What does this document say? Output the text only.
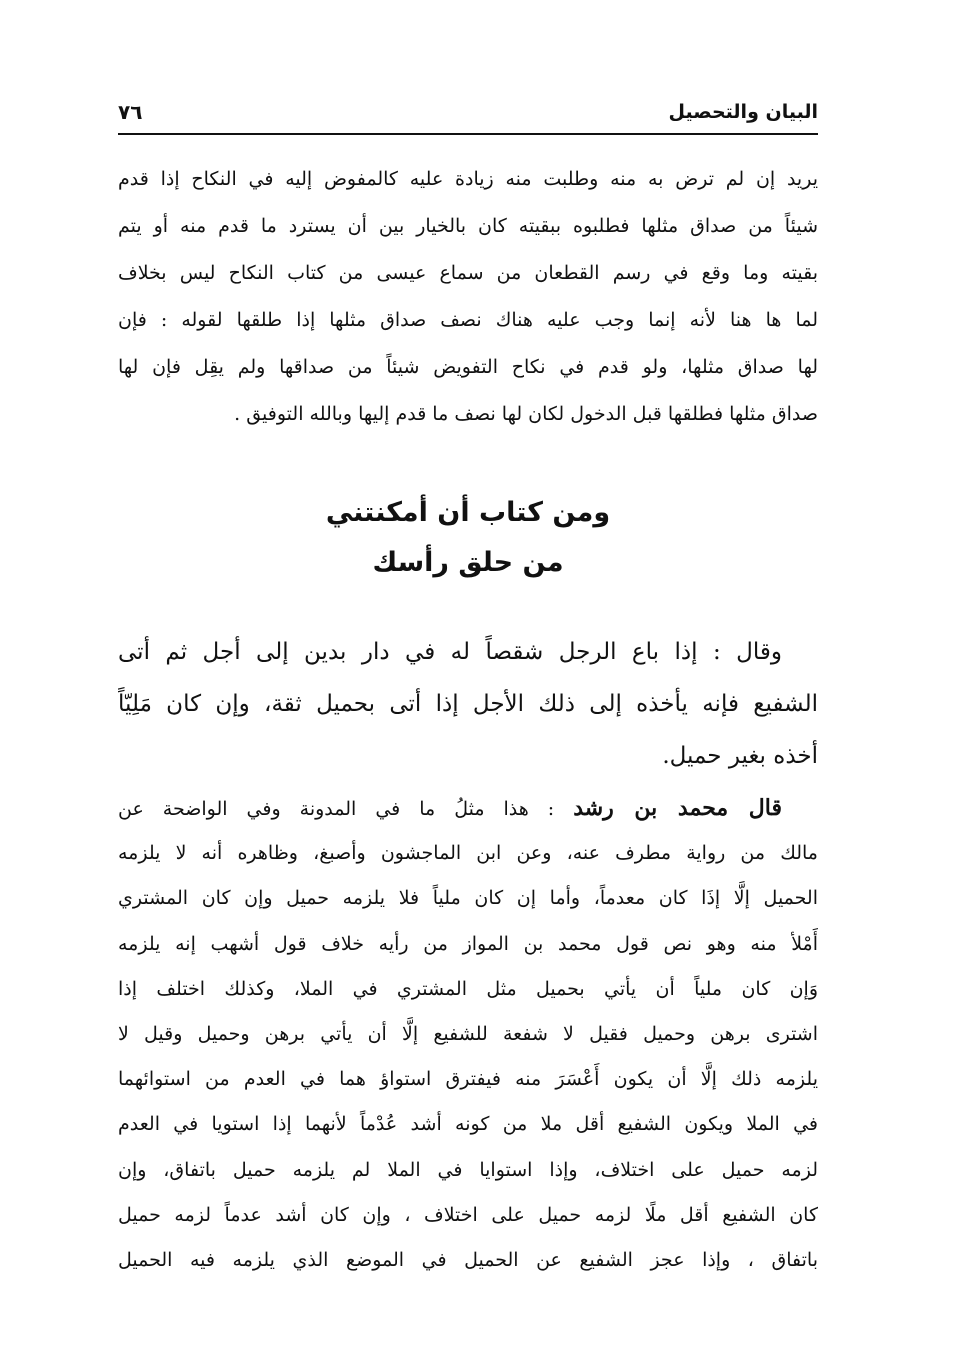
البيان والتحصيل
٧٦
يريد إن لم ترض به منه وطلبت منه زيادة عليه كالمفوض إليه في النكاح إذا قدم
شيئاً من صداق مثلها فطلبوه ببقيته كان بالخيار بين أن يسترد ما قدم منه أو يتم
بقيته وما وقع في رسم القطعان من سماع عيسى من كتاب النكاح ليس بخلاف
لما ها هنا لأنه إنما وجب عليه هناك نصف صداق مثلها إذا طلقها لقوله : فإن
لها صداق مثلها، ولو قدم في نكاح التفويض شيئاً من صداقها ولم يقِل فإن لها
صداق مثلها فطلقها قبل الدخول لكان لها نصف ما قدم إليها وبالله التوفيق .
ومن كتاب أن أمكنتني
من حلق رأسك
وقال : إذا باع الرجل شقصاً له في دار بدين إلى أجل ثم أتى
الشفيع فإنه يأخذه إلى ذلك الأجل إذا أتى بحميل ثقة، وإن كان مَلِيّاً
أخذه بغير حميل.
قال محمد بن رشد : هذا مثلُ ما في المدونة وفي الواضحة عن
مالك من رواية مطرف عنه، وعن ابن الماجشون وأصبغ، وظاهره أنه لا يلزمه
الحميل إلَّا إذَا كان معدماً، وأما إن كان ملياً فلا يلزمه حميل وإن كان المشتري
أَمْلأ منه وهو نص قول محمد بن المواز من رأيه خلاف قول أشهب إنه يلزمه
وَإن كان ملياً أن يأتي بحميل مثل المشتري في الملا، وكذلك اختلف إذا
اشترى برهن وحميل فقيل لا شفعة للشفيع إلَّا أن يأتي برهن وحميل وقيل لا
يلزمه ذلك إلَّا أن يكون أَعْسَرَ منه فيفترق استواؤ هما في العدم من استوائهما
في الملا ويكون الشفيع أقل ملا من كونه أشد عُدْماً لأنهما إذا استويا في العدم
لزمه حميل على اختلاف، وإذا استوايا في الملا لم يلزمه حميل باتفاق، وإن
كان الشفيع أقل ملًا لزمه حميل على اختلاف ، وإن كان أشد عدماً لزمه حميل
باتفاق ، وإذا عجز الشفيع عن الحميل في الموضع الذي يلزمه فيه الحميل
